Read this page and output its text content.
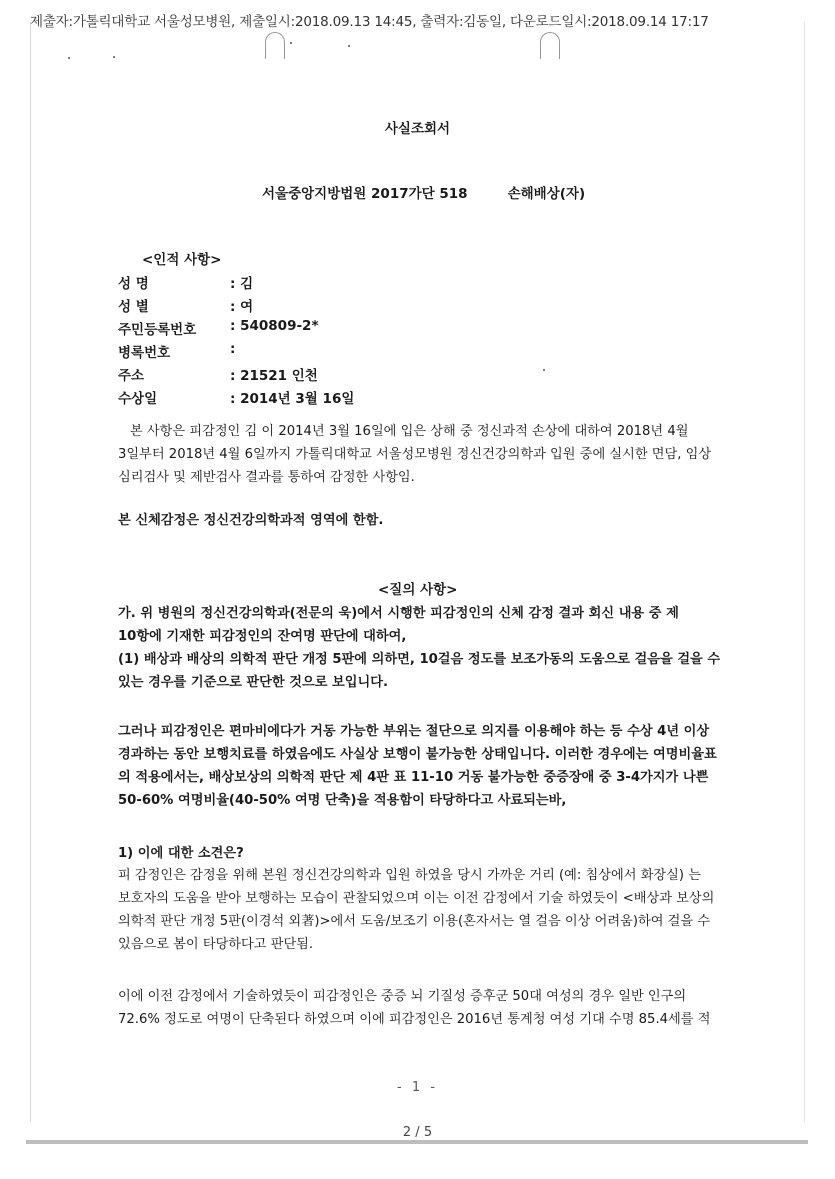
제출자:가톨릭대학교 서울성모병원, 제출일시:2018.09.13 14:45, 출력자:김동일, 다운로드일시:2018.09.14 17:17
사실조회서
서울중앙지방법원 2017가단 518	손해배상(자)
<인적 사항>
성 명	: 김
성 별	: 여
주민등록번호	: 540809-2*
병록번호	:
주소	: 21521 인천
수상일	: 2014년 3월 16일
본 사항은 피감정인 김 이 2014년 3월 16일에 입은 상해 중 정신과적 손상에 대하여 2018년 4월
3일부터 2018년 4월 6일까지 가톨릭대학교 서울성모병원 정신건강의학과 입원 중에 실시한 면담, 임상
심리검사 및 제반검사 결과를 통하여 감정한 사항임.
본 신체감정은 정신건강의학과적 영역에 한함.
<질의 사항>
가. 위 병원의 정신건강의학과(전문의 욱)에서 시행한 피감정인의 신체 감정 결과 회신 내용 중 제
10항에 기재한 피감정인의 잔여명 판단에 대하여,
(1) 배상과 배상의 의학적 판단 개정 5판에 의하면, 10걸음 정도를 보조가동의 도움으로 걸음을 걸을 수
있는 경우를 기준으로 판단한 것으로 보입니다.
그러나 피감정인은 편마비에다가 거동 가능한 부위는 절단으로 의지를 이용해야 하는 등 수상 4년 이상
경과하는 동안 보행치료를 하였음에도 사실상 보행이 불가능한 상태입니다. 이러한 경우에는 여명비율표
의 적용에서는, 배상보상의 의학적 판단 제 4판 표 11-10 거동 불가능한 중증장애 중 3-4가지가 나쁜
50-60% 여명비율(40-50% 여명 단축)을 적용함이 타당하다고 사료되는바,
1) 이에 대한 소견은?
피 감정인은 감정을 위해 본원 정신건강의학과 입원 하였을 당시 가까운 거리 (예: 침상에서 화장실) 는
보호자의 도움을 받아 보행하는 모습이 관찰되었으며 이는 이전 감정에서 기술 하였듯이 <배상과 보상의
의학적 판단 개정 5판(이경석 외著)>에서 도움/보조기 이용(혼자서는 열 걸음 이상 어려움)하여 걸을 수
있음으로 봄이 타당하다고 판단됨.
이에 이전 감정에서 기술하였듯이 피감정인은 중증 뇌 기질성 증후군 50대 여성의 경우 일반 인구의
72.6% 정도로 여명이 단축된다 하였으며 이에 피감정인은 2016년 통계청 여성 기대 수명 85.4세를 적
- 1 -
2 / 5
